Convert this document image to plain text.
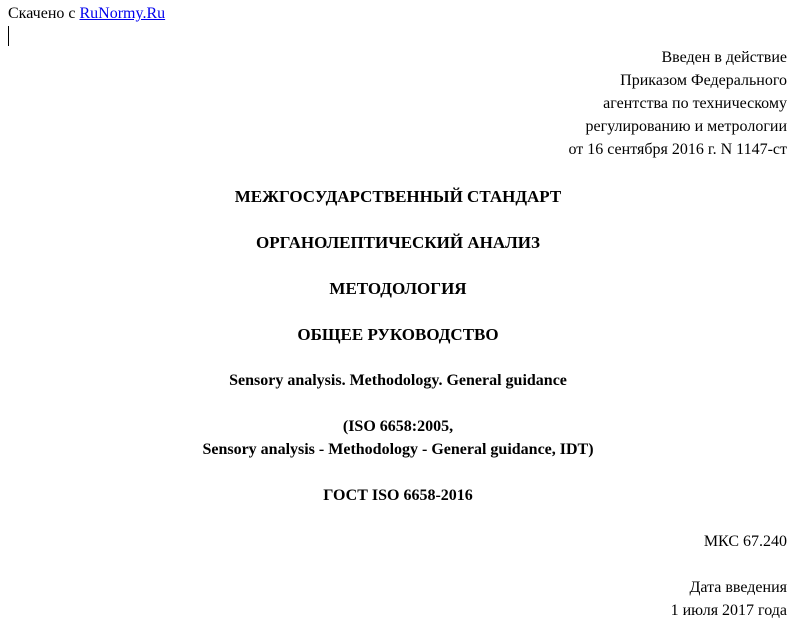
Скачено с RuNormy.Ru
Введен в действие
Приказом Федерального
агентства по техническому
регулированию и метрологии
от 16 сентября 2016 г. N 1147-ст
МЕЖГОСУДАРСТВЕННЫЙ СТАНДАРТ
ОРГАНОЛЕПТИЧЕСКИЙ АНАЛИЗ
МЕТОДОЛОГИЯ
ОБЩЕЕ РУКОВОДСТВО
Sensory analysis. Methodology. General guidance
(ISO 6658:2005,
Sensory analysis - Methodology - General guidance, IDT)
ГОСТ ISO 6658-2016
МКС 67.240
Дата введения
1 июля 2017 года
